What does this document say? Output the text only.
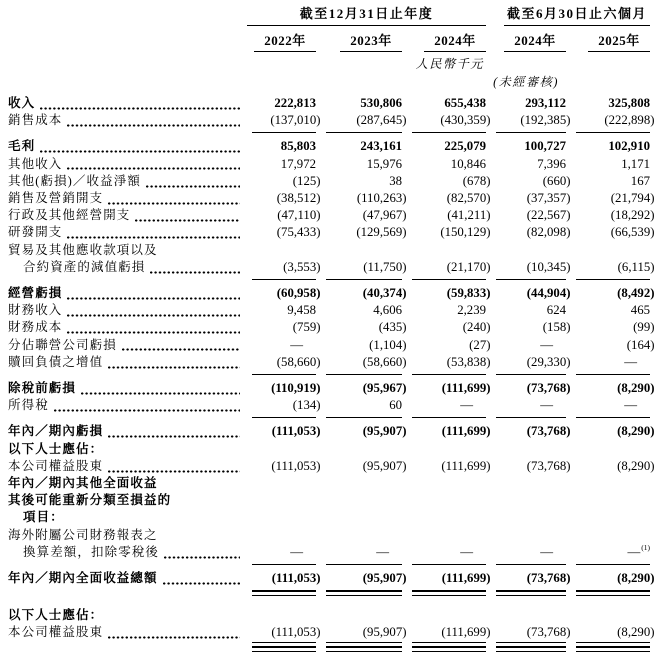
截至12月31日止年度	截至6月30日止六個月
2022年	2023年	2024年	2024年	2025年
人民幣千元
(未經審核)
收入	222,813	530,806	655,438	293,112	325,808
銷售成本	(137,010)	(287,645)	(430,359)	(192,385)	(222,898)
毛利	85,803	243,161	225,079	100,727	102,910
其他收入	17,972	15,976	10,846	7,396	1,171
其他(虧損)／收益淨額	(125)	38	(678)	(660)	167
銷售及營銷開支	(38,512)	(110,263)	(82,570)	(37,357)	(21,794)
行政及其他經營開支	(47,110)	(47,967)	(41,211)	(22,567)	(18,292)
研發開支	(75,433)	(129,569)	(150,129)	(82,098)	(66,539)
貿易及其他應收款項以及
合約資產的減值虧損	(3,553)	(11,750)	(21,170)	(10,345)	(6,115)
經營虧損	(60,958)	(40,374)	(59,833)	(44,904)	(8,492)
財務收入	9,458	4,606	2,239	624	465
財務成本	(759)	(435)	(240)	(158)	(99)
分佔聯營公司虧損	—	(1,104)	(27)	—	(164)
贖回負債之增值	(58,660)	(58,660)	(53,838)	(29,330)	—
除稅前虧損	(110,919)	(95,967)	(111,699)	(73,768)	(8,290)
所得稅	(134)	60	—	—	—
年內／期內虧損	(111,053)	(95,907)	(111,699)	(73,768)	(8,290)
以下人士應佔：
本公司權益股東	(111,053)	(95,907)	(111,699)	(73,768)	(8,290)
年內／期內其他全面收益
其後可能重新分類至損益的
項目：
海外附屬公司財務報表之
換算差額，扣除零稅後	—	—	—	—	—$^{(1)}$
年內／期內全面收益總額	(111,053)	(95,907)	(111,699)	(73,768)	(8,290)
以下人士應佔：
本公司權益股東	(111,053)	(95,907)	(111,699)	(73,768)	(8,290)
